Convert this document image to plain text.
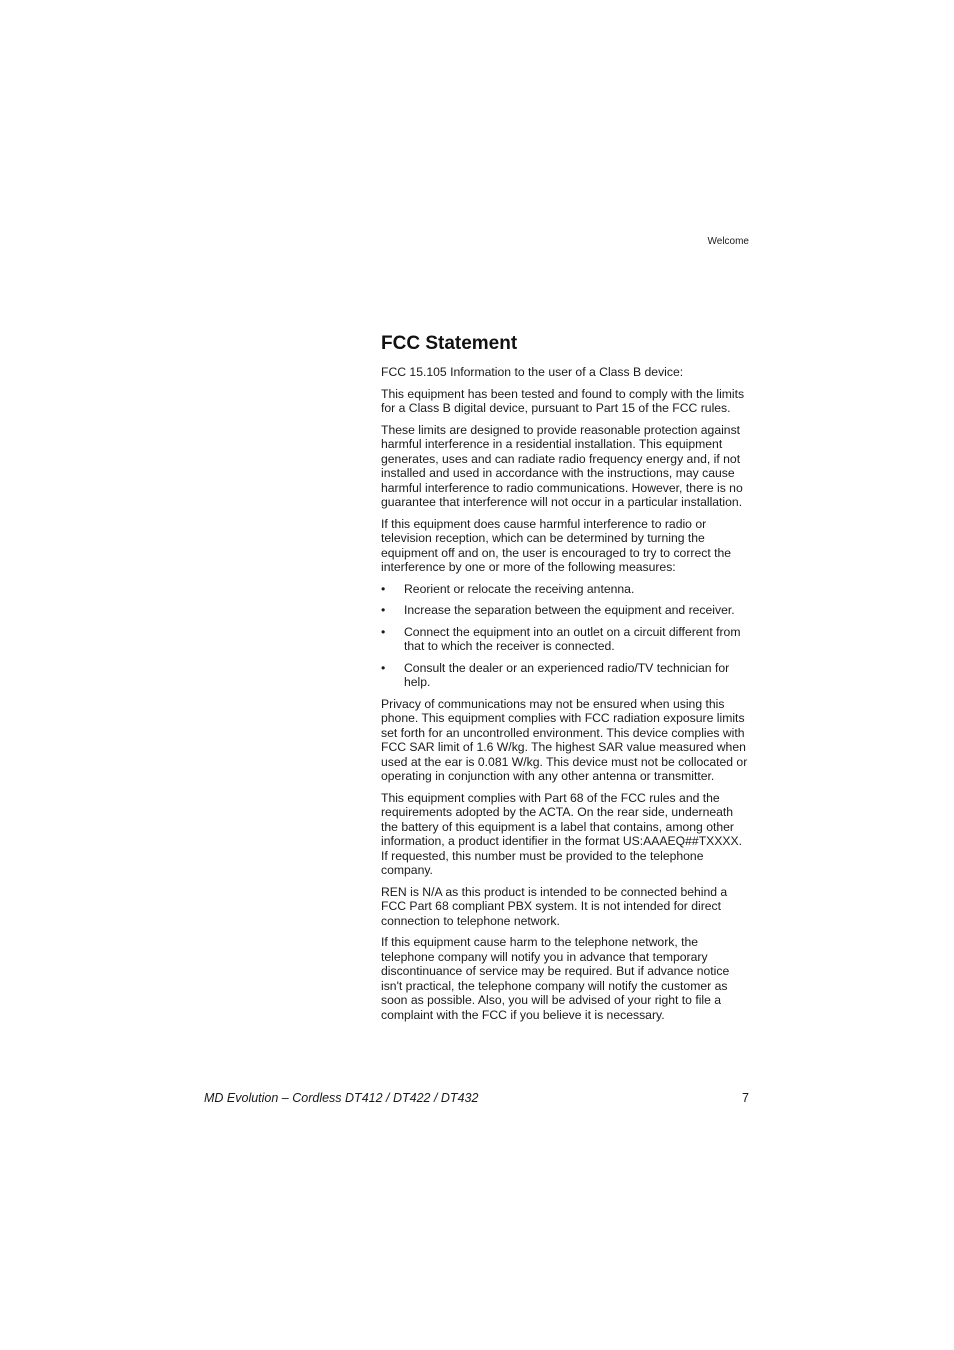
Welcome

FCC Statement

FCC 15.105 Information to the user of a Class B device:

This equipment has been tested and found to comply with the limits for a Class B digital device, pursuant to Part 15 of the FCC rules.

These limits are designed to provide reasonable protection against harmful interference in a residential installation. This equipment generates, uses and can radiate radio frequency energy and, if not installed and used in accordance with the instructions, may cause harmful interference to radio communications. However, there is no guarantee that interference will not occur in a particular installation.

If this equipment does cause harmful interference to radio or television reception, which can be determined by turning the equipment off and on, the user is encouraged to try to correct the interference by one or more of the following measures:

• Reorient or relocate the receiving antenna.
• Increase the separation between the equipment and receiver.
• Connect the equipment into an outlet on a circuit different from that to which the receiver is connected.
• Consult the dealer or an experienced radio/TV technician for help.

Privacy of communications may not be ensured when using this phone. This equipment complies with FCC radiation exposure limits set forth for an uncontrolled environment. This device complies with FCC SAR limit of 1.6 W/kg. The highest SAR value measured when used at the ear is 0.081 W/kg. This device must not be collocated or operating in conjunction with any other antenna or transmitter.

This equipment complies with Part 68 of the FCC rules and the requirements adopted by the ACTA. On the rear side, underneath the battery of this equipment is a label that contains, among other information, a product identifier in the format US:AAAEQ##TXXXX. If requested, this number must be provided to the telephone company.

REN is N/A as this product is intended to be connected behind a FCC Part 68 compliant PBX system. It is not intended for direct connection to telephone network.

If this equipment cause harm to the telephone network, the telephone company will notify you in advance that temporary discontinuance of service may be required. But if advance notice isn't practical, the telephone company will notify the customer as soon as possible. Also, you will be advised of your right to file a complaint with the FCC if you believe it is necessary.

MD Evolution – Cordless DT412 / DT422 / DT432	7
